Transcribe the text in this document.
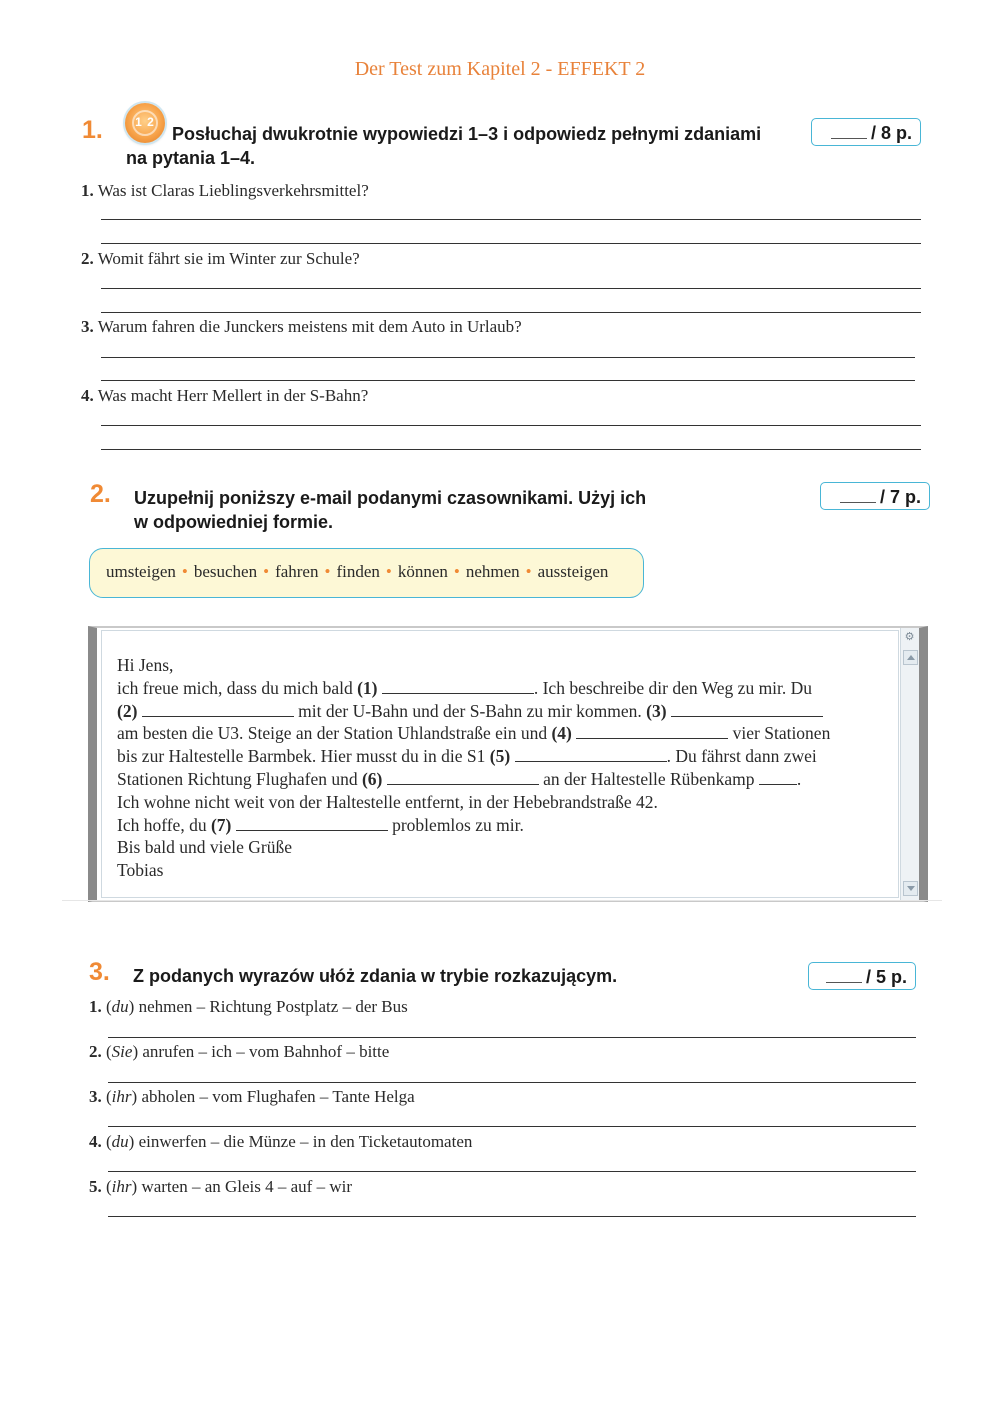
Der Test zum Kapitel 2 - EFFEKT 2
1.	1 2
Posłuchaj dwukrotnie wypowiedzi 1–3 i odpowiedz pełnymi zdaniami
na pytania 1–4.
/ 8 p.
1. Was ist Claras Lieblingsverkehrsmittel?
2. Womit fährt sie im Winter zur Schule?
3. Warum fahren die Junckers meistens mit dem Auto in Urlaub?
4. Was macht Herr Mellert in der S-Bahn?
2. Uzupełnij poniższy e-mail podanymi czasownikami. Użyj ich
w odpowiedniej formie.
/ 7 p.
umsteigen • besuchen • fahren • finden • können • nehmen • aussteigen
⚙
Hi Jens,
ich freue mich, dass du mich bald (1)	. Ich beschreibe dir den Weg zu mir. Du
(2)	mit der U-Bahn und der S-Bahn zu mir kommen. (3)
am besten die U3. Steige an der Station Uhlandstraße ein und (4)	vier Stationen
bis zur Haltestelle Barmbek. Hier musst du in die S1 (5)	. Du fährst dann zwei
Stationen Richtung Flughafen und (6)	an der Haltestelle Rübenkamp .
Ich wohne nicht weit von der Haltestelle entfernt, in der Hebebrandstraße 42.
Ich hoffe, du (7)	problemlos zu mir.
Bis bald und viele Grüße
Tobias
3. Z podanych wyrazów ułóż zdania w trybie rozkazującym.	/ 5 p.
1. (du) nehmen – Richtung Postplatz – der Bus
2. (Sie) anrufen – ich – vom Bahnhof – bitte
3. (ihr) abholen – vom Flughafen – Tante Helga
4. (du) einwerfen – die Münze – in den Ticketautomaten
5. (ihr) warten – an Gleis 4 – auf – wir
